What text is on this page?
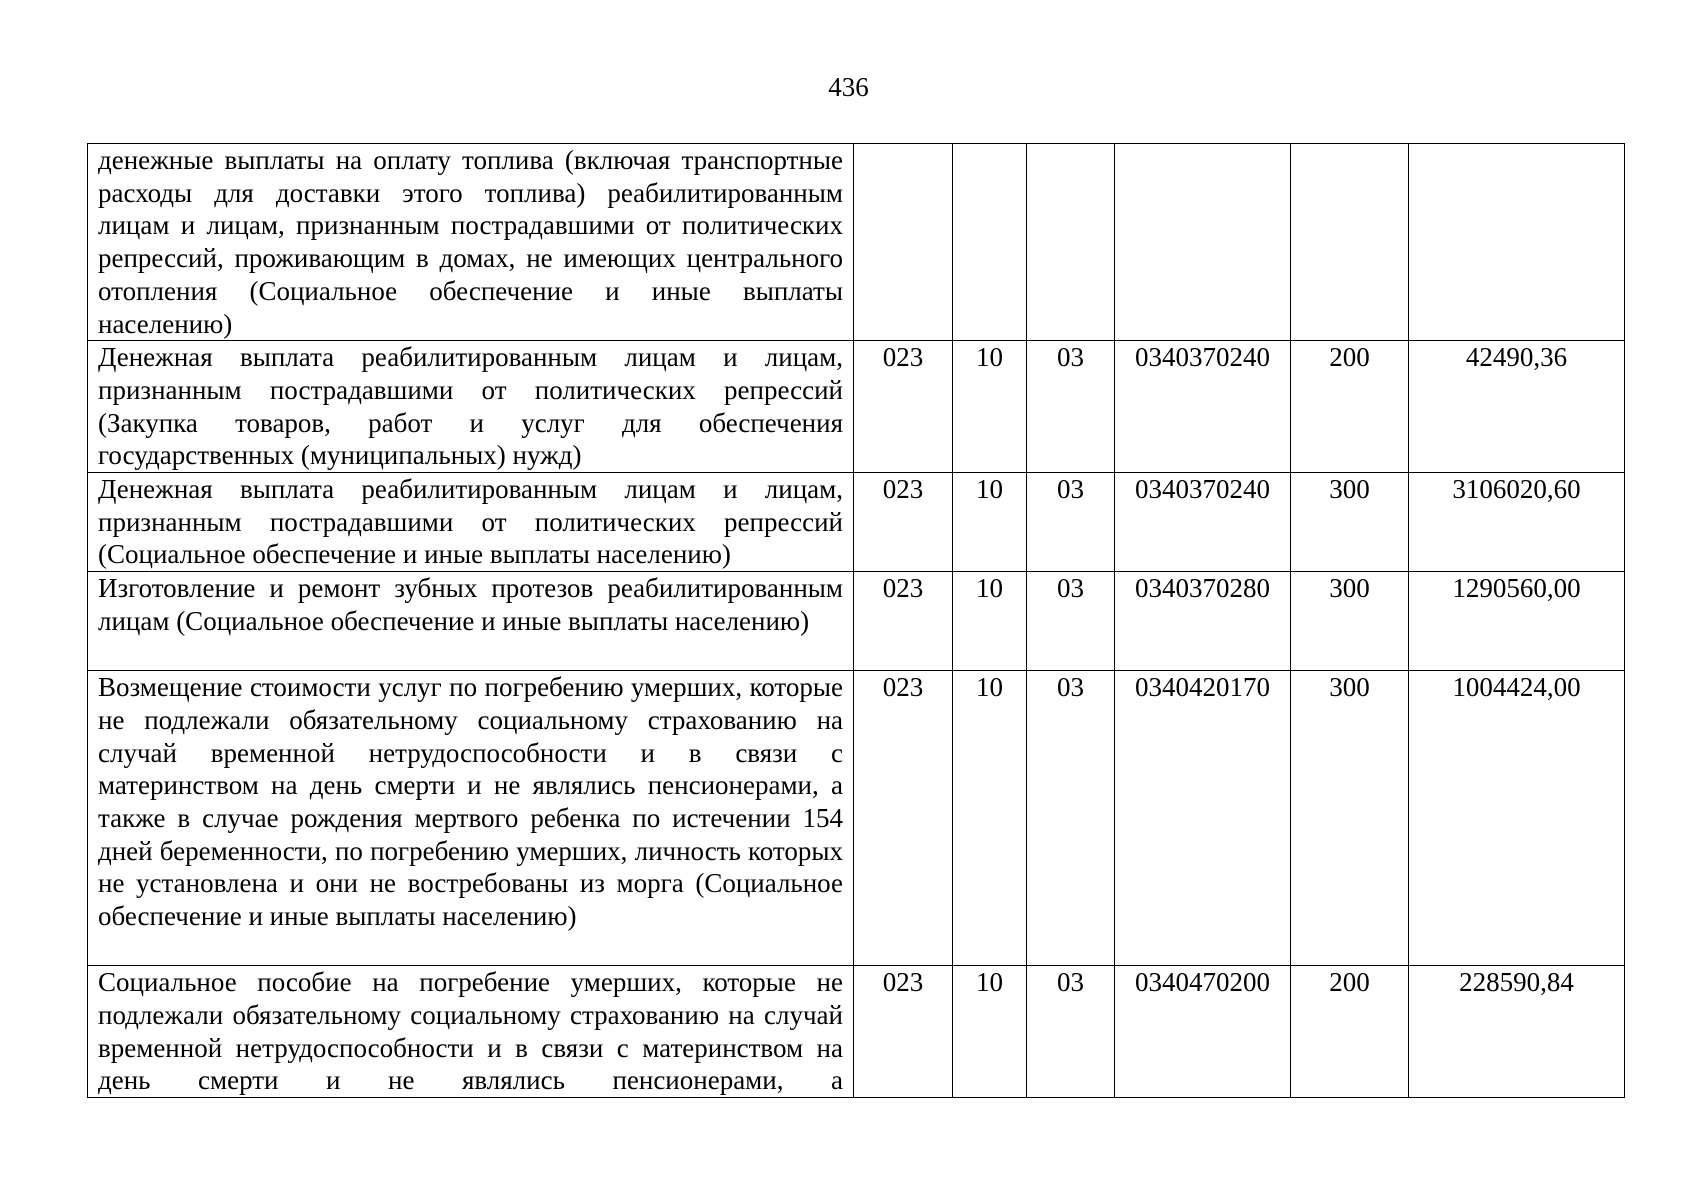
436
денежные выплаты на оплату топлива (включая транспортные расходы для доставки этого топлива) реабилитированным лицам и лицам, признанным пострадавшими от политических репрессий, проживающим в домах, не имеющих центрального отопления (Социальное обеспечение и иные выплаты населению)						
Денежная выплата реабилитированным лицам и лицам, признанным пострадавшими от политических репрессий (Закупка товаров, работ и услуг для обеспечения государственных (муниципальных) нужд)	023	10	03	0340370240	200	42490,36
Денежная выплата реабилитированным лицам и лицам, признанным пострадавшими от политических репрессий (Социальное обеспечение и иные выплаты населению)	023	10	03	0340370240	300	3106020,60
Изготовление и ремонт зубных протезов реабилитированным лицам (Социальное обеспечение и иные выплаты населению)	023	10	03	0340370280	300	1290560,00
Возмещение стоимости услуг по погребению умерших, которые не подлежали обязательному социальному страхованию на случай временной нетрудоспособности и в связи с материнством на день смерти и не являлись пенсионерами, а также в случае рождения мертвого ребенка по истечении 154 дней беременности, по погребению умерших, личность которых не установлена и они не востребованы из морга (Социальное обеспечение и иные выплаты населению)	023	10	03	0340420170	300	1004424,00
Социальное пособие на погребение умерших, которые не подлежали обязательному социальному страхованию на случай временной нетрудоспособности и в связи с материнством на день смерти и не являлись пенсионерами, а	023	10	03	0340470200	200	228590,84
